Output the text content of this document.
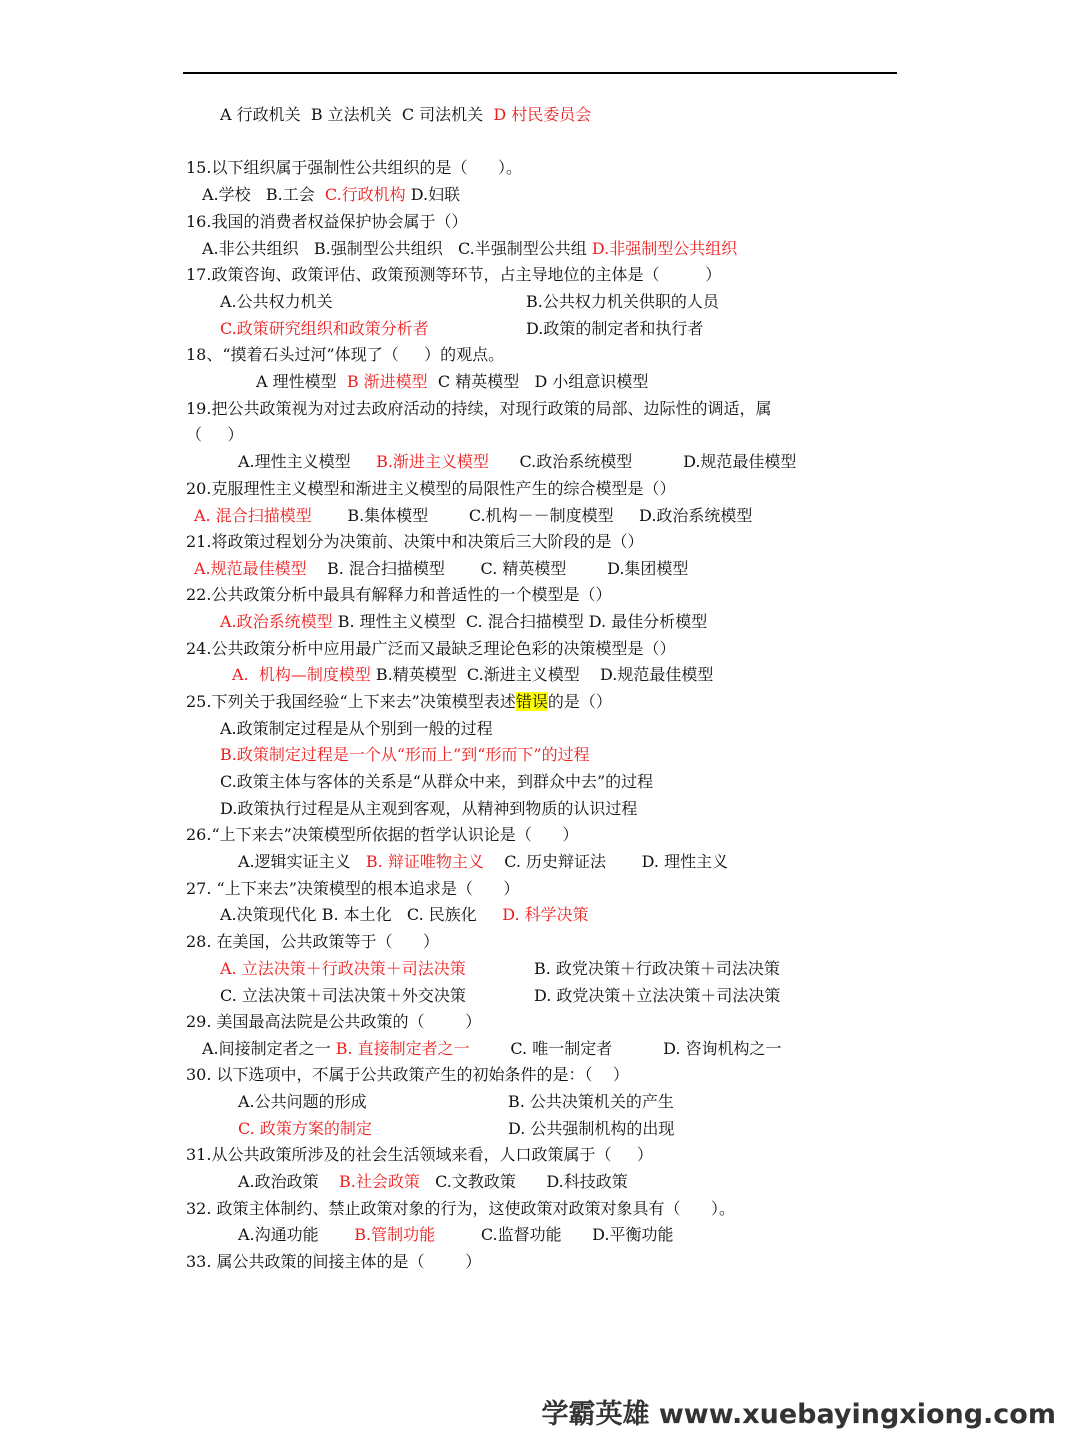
A 行政机关  B 立法机关  C 司法机关  D 村民委员会
15.以下组织属于强制性公共组织的是（      ）。
A.学校   B.工会  C.行政机构 D.妇联
16.我国的消费者权益保护协会属于（）
A.非公共组织   B.强制型公共组织   C.半强制型公共组 D.非强制型公共组织
17.政策咨询、政策评估、政策预测等环节，占主导地位的主体是（         ）
A.公共权力机关	B.公共权力机关供职的人员
C.政策研究组织和政策分析者	D.政策的制定者和执行者
18、“摸着石头过河”体现了（     ）的观点。
A 理性模型  B 渐进模型  C 精英模型   D 小组意识模型
19.把公共政策视为对过去政府活动的持续，对现行政策的局部、边际性的调适，属
（     ）
A.理性主义模型     B.渐进主义模型      C.政治系统模型          D.规范最佳模型
20.克服理性主义模型和渐进主义模型的局限性产生的综合模型是（）
A. 混合扫描模型       B.集体模型        C.机构－－制度模型     D.政治系统模型
21.将政策过程划分为决策前、决策中和决策后三大阶段的是（）
A.规范最佳模型    B. 混合扫描模型       C. 精英模型        D.集团模型
22.公共政策分析中最具有解释力和普适性的一个模型是（）
A.政治系统模型 B. 理性主义模型  C. 混合扫描模型 D. 最佳分析模型
24.公共政策分析中应用最广泛而又最缺乏理论色彩的决策模型是（）
A.  机构—制度模型 B.精英模型  C.渐进主义模型    D.规范最佳模型
25.下列关于我国经验“上下来去”决策模型表述错误的是（）
A.政策制定过程是从个别到一般的过程
B.政策制定过程是一个从“形而上”到“形而下”的过程
C.政策主体与客体的关系是“从群众中来，到群众中去”的过程
D.政策执行过程是从主观到客观，从精神到物质的认识过程
26.“上下来去”决策模型所依据的哲学认识论是（      ）
A.逻辑实证主义   B. 辩证唯物主义    C. 历史辩证法       D. 理性主义
27. “上下来去”决策模型的根本追求是（      ）
A.决策现代化 B. 本土化   C. 民族化     D. 科学决策
28. 在美国，公共政策等于（      ）
A. 立法决策＋行政决策＋司法决策	B. 政党决策＋行政决策＋司法决策
C. 立法决策＋司法决策＋外交决策	D. 政党决策＋立法决策＋司法决策
29. 美国最高法院是公共政策的（        ）
A.间接制定者之一 B. 直接制定者之一        C. 唯一制定者          D. 咨询机构之一
30. 以下选项中，不属于公共政策产生的初始条件的是：（    ）
A.公共问题的形成	B. 公共决策机关的产生
C. 政策方案的制定	D. 公共强制机构的出现
31.从公共政策所涉及的社会生活领域来看，人口政策属于（     ）
A.政治政策    B.社会政策   C.文教政策      D.科技政策
32. 政策主体制约、禁止政策对象的行为，这使政策对政策对象具有（      ）。
A.沟通功能       B.管制功能         C.监督功能      D.平衡功能
33. 属公共政策的间接主体的是（        ）
学霸英雄 www.xuebayingxiong.com
